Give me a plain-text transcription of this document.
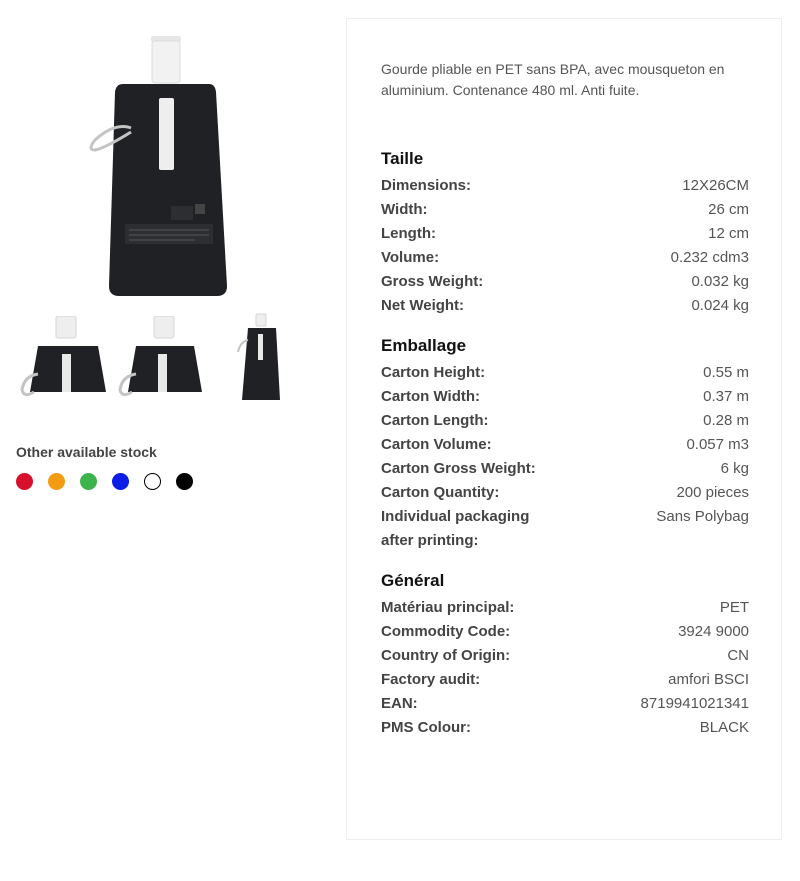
Other available stock
Gourde pliable en PET sans BPA, avec mousqueton en aluminium. Contenance 480 ml. Anti fuite.
Taille
Dimensions:	12X26CM
Width:	26 cm
Length:	12 cm
Volume:	0.232 cdm3
Gross Weight:	0.032 kg
Net Weight:	0.024 kg
Emballage
Carton Height:	0.55 m
Carton Width:	0.37 m
Carton Length:	0.28 m
Carton Volume:	0.057 m3
Carton Gross Weight:	6 kg
Carton Quantity:	200 pieces
Individual packaging after printing:
Sans Polybag
Général
Matériau principal:	PET
Commodity Code:	3924 9000
Country of Origin:	CN
Factory audit:	amfori BSCI
EAN:	8719941021341
PMS Colour:	BLACK
